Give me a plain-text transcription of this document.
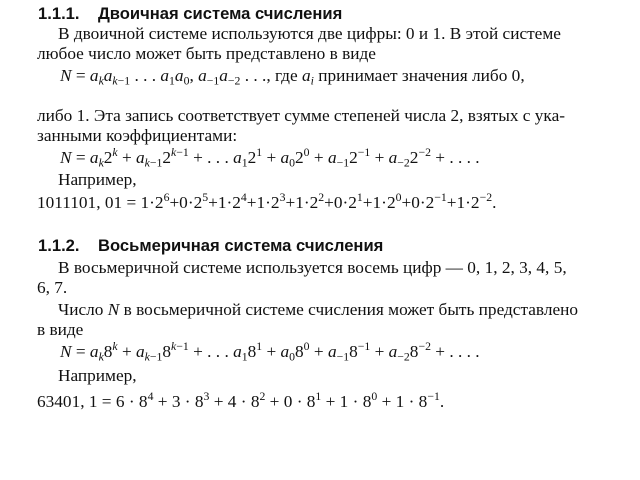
1.1.1. Двоичная система счисления
В двоичной системе используются две цифры: 0 и 1. В этой системе
любое число может быть представлено в виде
$N = a_ka_{k-1}$ . . . $a_1a_0$, $a_{-1}a_{-2}$ . . ., где $a_i$ принимает значения либо 0,
либо 1. Эта запись соответствует сумме степеней числа 2, взятых с ука-
занными коэффициентами:
$N = a_k2^k + a_{k-1}2^{k-1}$ + . . . $a_12^1 + a_02^0 + a_{-1}2^{-1} + a_{-2}2^{-2}$ + . . . .
Например,
1011101, $01 = 1\cdot 2^6+0\cdot 2^5+1\cdot 2^4+1\cdot 2^3+1\cdot 2^2+0\cdot 2^1+1\cdot 2^0+0\cdot 2^{-1}+1\cdot 2^{-2}$.
1.1.2. Восьмеричная система счисления
В восьмеричной системе используется восемь цифр — 0, 1, 2, 3, 4, 5,
6, 7.
Число N в восьмеричной системе счисления может быть представлено
в виде
$N = a_k8^k + a_{k-1}8^{k-1}$ + . . . $a_18^1 + a_08^0 + a_{-1}8^{-1} + a_{-2}8^{-2}$ + . . . .
Например,
63401, $1 = 6 \cdot 8^4 + 3 \cdot 8^3 + 4 \cdot 8^2 + 0 \cdot 8^1 + 1 \cdot 8^0 + 1 \cdot 8^{-1}$.
